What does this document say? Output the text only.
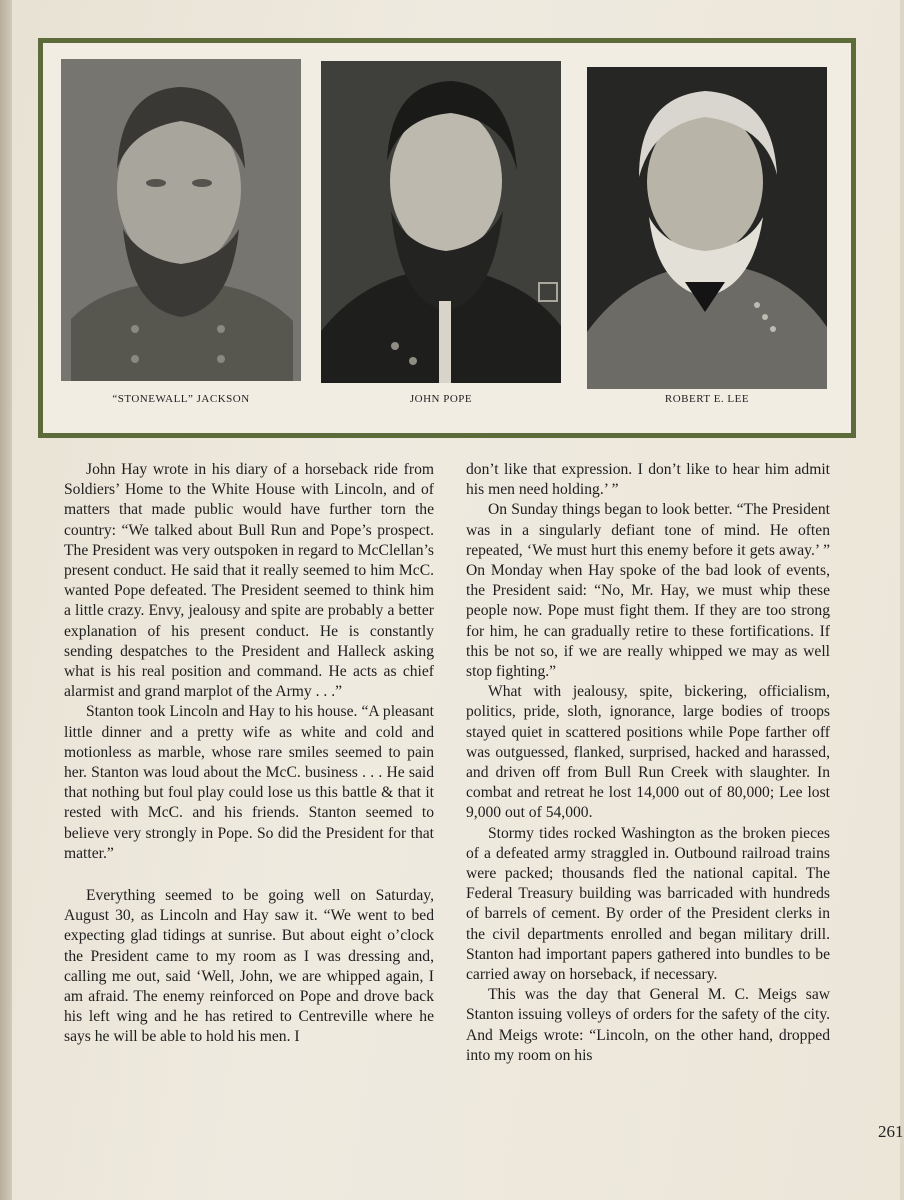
“STONEWALL” JACKSON	JOHN POPE	ROBERT E. LEE

John Hay wrote in his diary of a horseback ride from Soldiers’ Home to the White House with Lincoln, and of matters that made public would have further torn the country: “We talked about Bull Run and Pope’s prospect. The President was very outspoken in regard to McClellan’s present conduct. He said that it really seemed to him McC. wanted Pope defeated. The President seemed to think him a little crazy. Envy, jealousy and spite are probably a better explanation of his present conduct. He is constantly sending despatches to the President and Halleck asking what is his real position and command. He acts as chief alarmist and grand marplot of the Army . . .”

Stanton took Lincoln and Hay to his house. “A pleasant little dinner and a pretty wife as white and cold and motionless as marble, whose rare smiles seemed to pain her. Stanton was loud about the McC. business . . . He said that nothing but foul play could lose us this battle & that it rested with McC. and his friends. Stanton seemed to believe very strongly in Pope. So did the President for that matter.”

Everything seemed to be going well on Saturday, August 30, as Lincoln and Hay saw it. “We went to bed expecting glad tidings at sunrise. But about eight o’clock the President came to my room as I was dressing and, calling me out, said ‘Well, John, we are whipped again, I am afraid. The enemy reinforced on Pope and drove back his left wing and he has retired to Centreville where he says he will be able to hold his men. I

don’t like that expression. I don’t like to hear him admit his men need holding.’ ”

On Sunday things began to look better. “The President was in a singularly defiant tone of mind. He often repeated, ‘We must hurt this enemy before it gets away.’ ” On Monday when Hay spoke of the bad look of events, the President said: “No, Mr. Hay, we must whip these people now. Pope must fight them. If they are too strong for him, he can gradually retire to these fortifications. If this be not so, if we are really whipped we may as well stop fighting.”

What with jealousy, spite, bickering, officialism, politics, pride, sloth, ignorance, large bodies of troops stayed quiet in scattered positions while Pope farther off was outguessed, flanked, surprised, hacked and harassed, and driven off from Bull Run Creek with slaughter. In combat and retreat he lost 14,000 out of 80,000; Lee lost 9,000 out of 54,000.

Stormy tides rocked Washington as the broken pieces of a defeated army straggled in. Outbound railroad trains were packed; thousands fled the national capital. The Federal Treasury building was barricaded with hundreds of barrels of cement. By order of the President clerks in the civil departments enrolled and began military drill. Stanton had important papers gathered into bundles to be carried away on horseback, if necessary.

This was the day that General M. C. Meigs saw Stanton issuing volleys of orders for the safety of the city. And Meigs wrote: “Lincoln, on the other hand, dropped into my room on his

261
